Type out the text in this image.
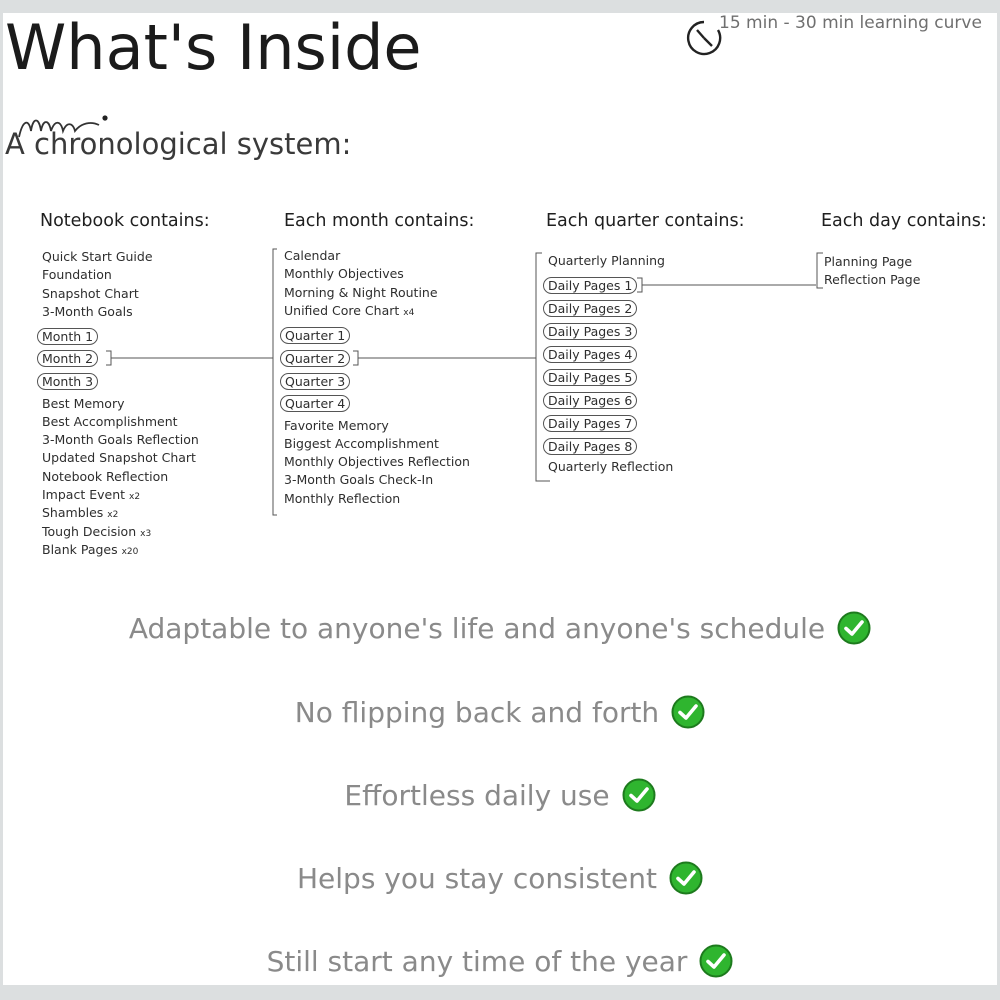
What's Inside	15 min - 30 min learning curve
A chronological system:
Notebook contains:	Each month contains:	Each quarter contains:	Each day contains:
Quick Start Guide
Foundation
Snapshot Chart
3-Month Goals
Month 1
Month 2
Month 3
Best Memory
Best Accomplishment
3-Month Goals Reflection
Updated Snapshot Chart
Notebook Reflection
Impact Event x2
Shambles x2
Tough Decision x3
Blank Pages x20
Calendar
Monthly Objectives
Morning & Night Routine
Unified Core Chart x4
Quarter 1
Quarter 2
Quarter 3
Quarter 4
Favorite Memory
Biggest Accomplishment
Monthly Objectives Reflection
3-Month Goals Check-In
Monthly Reflection
Quarterly Planning
Daily Pages 1
Daily Pages 2
Daily Pages 3
Daily Pages 4
Daily Pages 5
Daily Pages 6
Daily Pages 7
Daily Pages 8
Quarterly Reflection
Planning Page
Reflection Page
Adaptable to anyone's life and anyone's schedule
No flipping back and forth
Effortless daily use
Helps you stay consistent
Still start any time of the year
